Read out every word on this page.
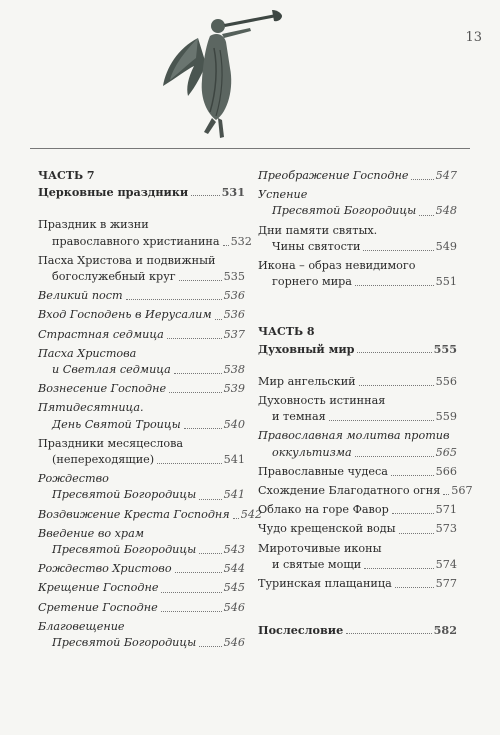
13
ЧАСТЬ 7
Церковные праздники	531
Праздник в жизни
православного христианина 532
Пасха Христова и подвижный
богослужебный круг	535
Великий пост	536
Вход Господень в Иерусалим 536
Страстная седмица	537
Пасха Христова
и Светлая седмица	538
Вознесение Господне	539
Пятидесятница.
День Святой Троицы	540
Праздники месяцеслова
(непереходящие)	541
Рождество
Пресвятой Богородицы 541
Воздвижение Креста Господня 542
Введение во храм
Пресвятой Богородицы 543
Рождество Христово	544
Крещение Господне	545
Сретение Господне	546
Благовещение
Пресвятой Богородицы 546
Преображение Господне 547
Успение
Пресвятой Богородицы 548
Дни памяти святых.
Чины святости	549
Икона – образ невидимого
горнего мира	551
ЧАСТЬ 8
Духовный мир	555
Мир ангельский	556
Духовность истинная
и темная	559
Православная молитва против
оккультизма	565
Православные чудеса	566
Схождение Благодатного огня 567
Облако на горе Фавор	571
Чудо крещенской воды	573
Мироточивые иконы
и святые мощи	574
Туринская плащаница	577
Послесловие	582
